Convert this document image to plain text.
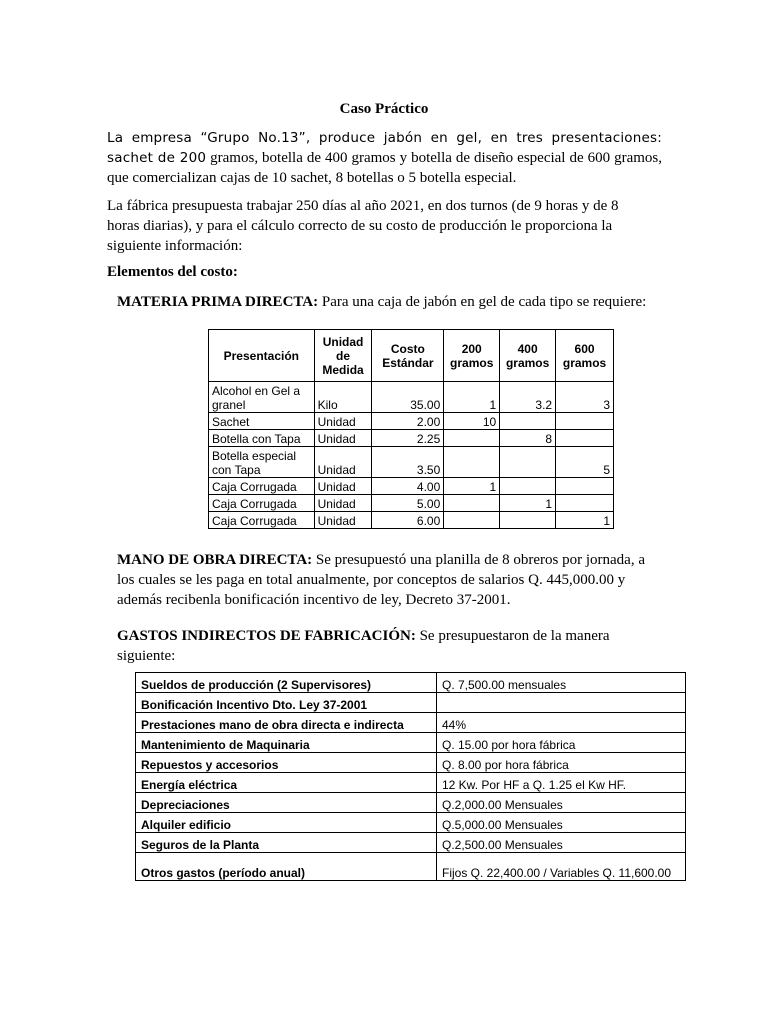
Caso Práctico
La empresa “Grupo No.13”, produce jabón en gel, en tres presentaciones: sachet de 200 gramos, botella de 400 gramos y botella de diseño especial de 600 gramos, que comercializan cajas de 10 sachet, 8 botellas o 5 botella especial.
La fábrica presupuesta trabajar 250 días al año 2021, en dos turnos (de 9 horas y de 8 horas diarias), y para el cálculo correcto de su costo de producción le proporciona la siguiente información:
Elementos del costo:
MATERIA PRIMA DIRECTA: Para una caja de jabón en gel de cada tipo se requiere:
Presentación	Unidad de Medida	Costo Estándar	200 gramos	400 gramos	600 gramos
Alcohol en Gel a granel	Kilo	35.00	1	3.2	3
Sachet	Unidad	2.00	10		
Botella con Tapa	Unidad	2.25		8	
Botella especial con Tapa	Unidad	3.50			5
Caja Corrugada	Unidad	4.00	1		
Caja Corrugada	Unidad	5.00		1	
Caja Corrugada	Unidad	6.00			1
MANO DE OBRA DIRECTA: Se presupuestó una planilla de 8 obreros por jornada, a los cuales se les paga en total anualmente, por conceptos de salarios Q. 445,000.00 y además recibenla bonificación incentivo de ley, Decreto 37-2001.
GASTOS INDIRECTOS DE FABRICACIÓN: Se presupuestaron de la manera siguiente:
Sueldos de producción (2 Supervisores)	Q. 7,500.00 mensuales
Bonificación Incentivo Dto. Ley 37-2001	
Prestaciones mano de obra directa e indirecta	44%
Mantenimiento de Maquinaria	Q. 15.00 por hora fábrica
Repuestos y accesorios	Q. 8.00 por hora fábrica
Energía eléctrica	12 Kw. Por HF a Q. 1.25 el Kw HF.
Depreciaciones	Q.2,000.00 Mensuales
Alquiler edificio	Q.5,000.00 Mensuales
Seguros de la Planta	Q.2,500.00 Mensuales
Otros gastos (período anual)	Fijos Q. 22,400.00 / Variables Q. 11,600.00
